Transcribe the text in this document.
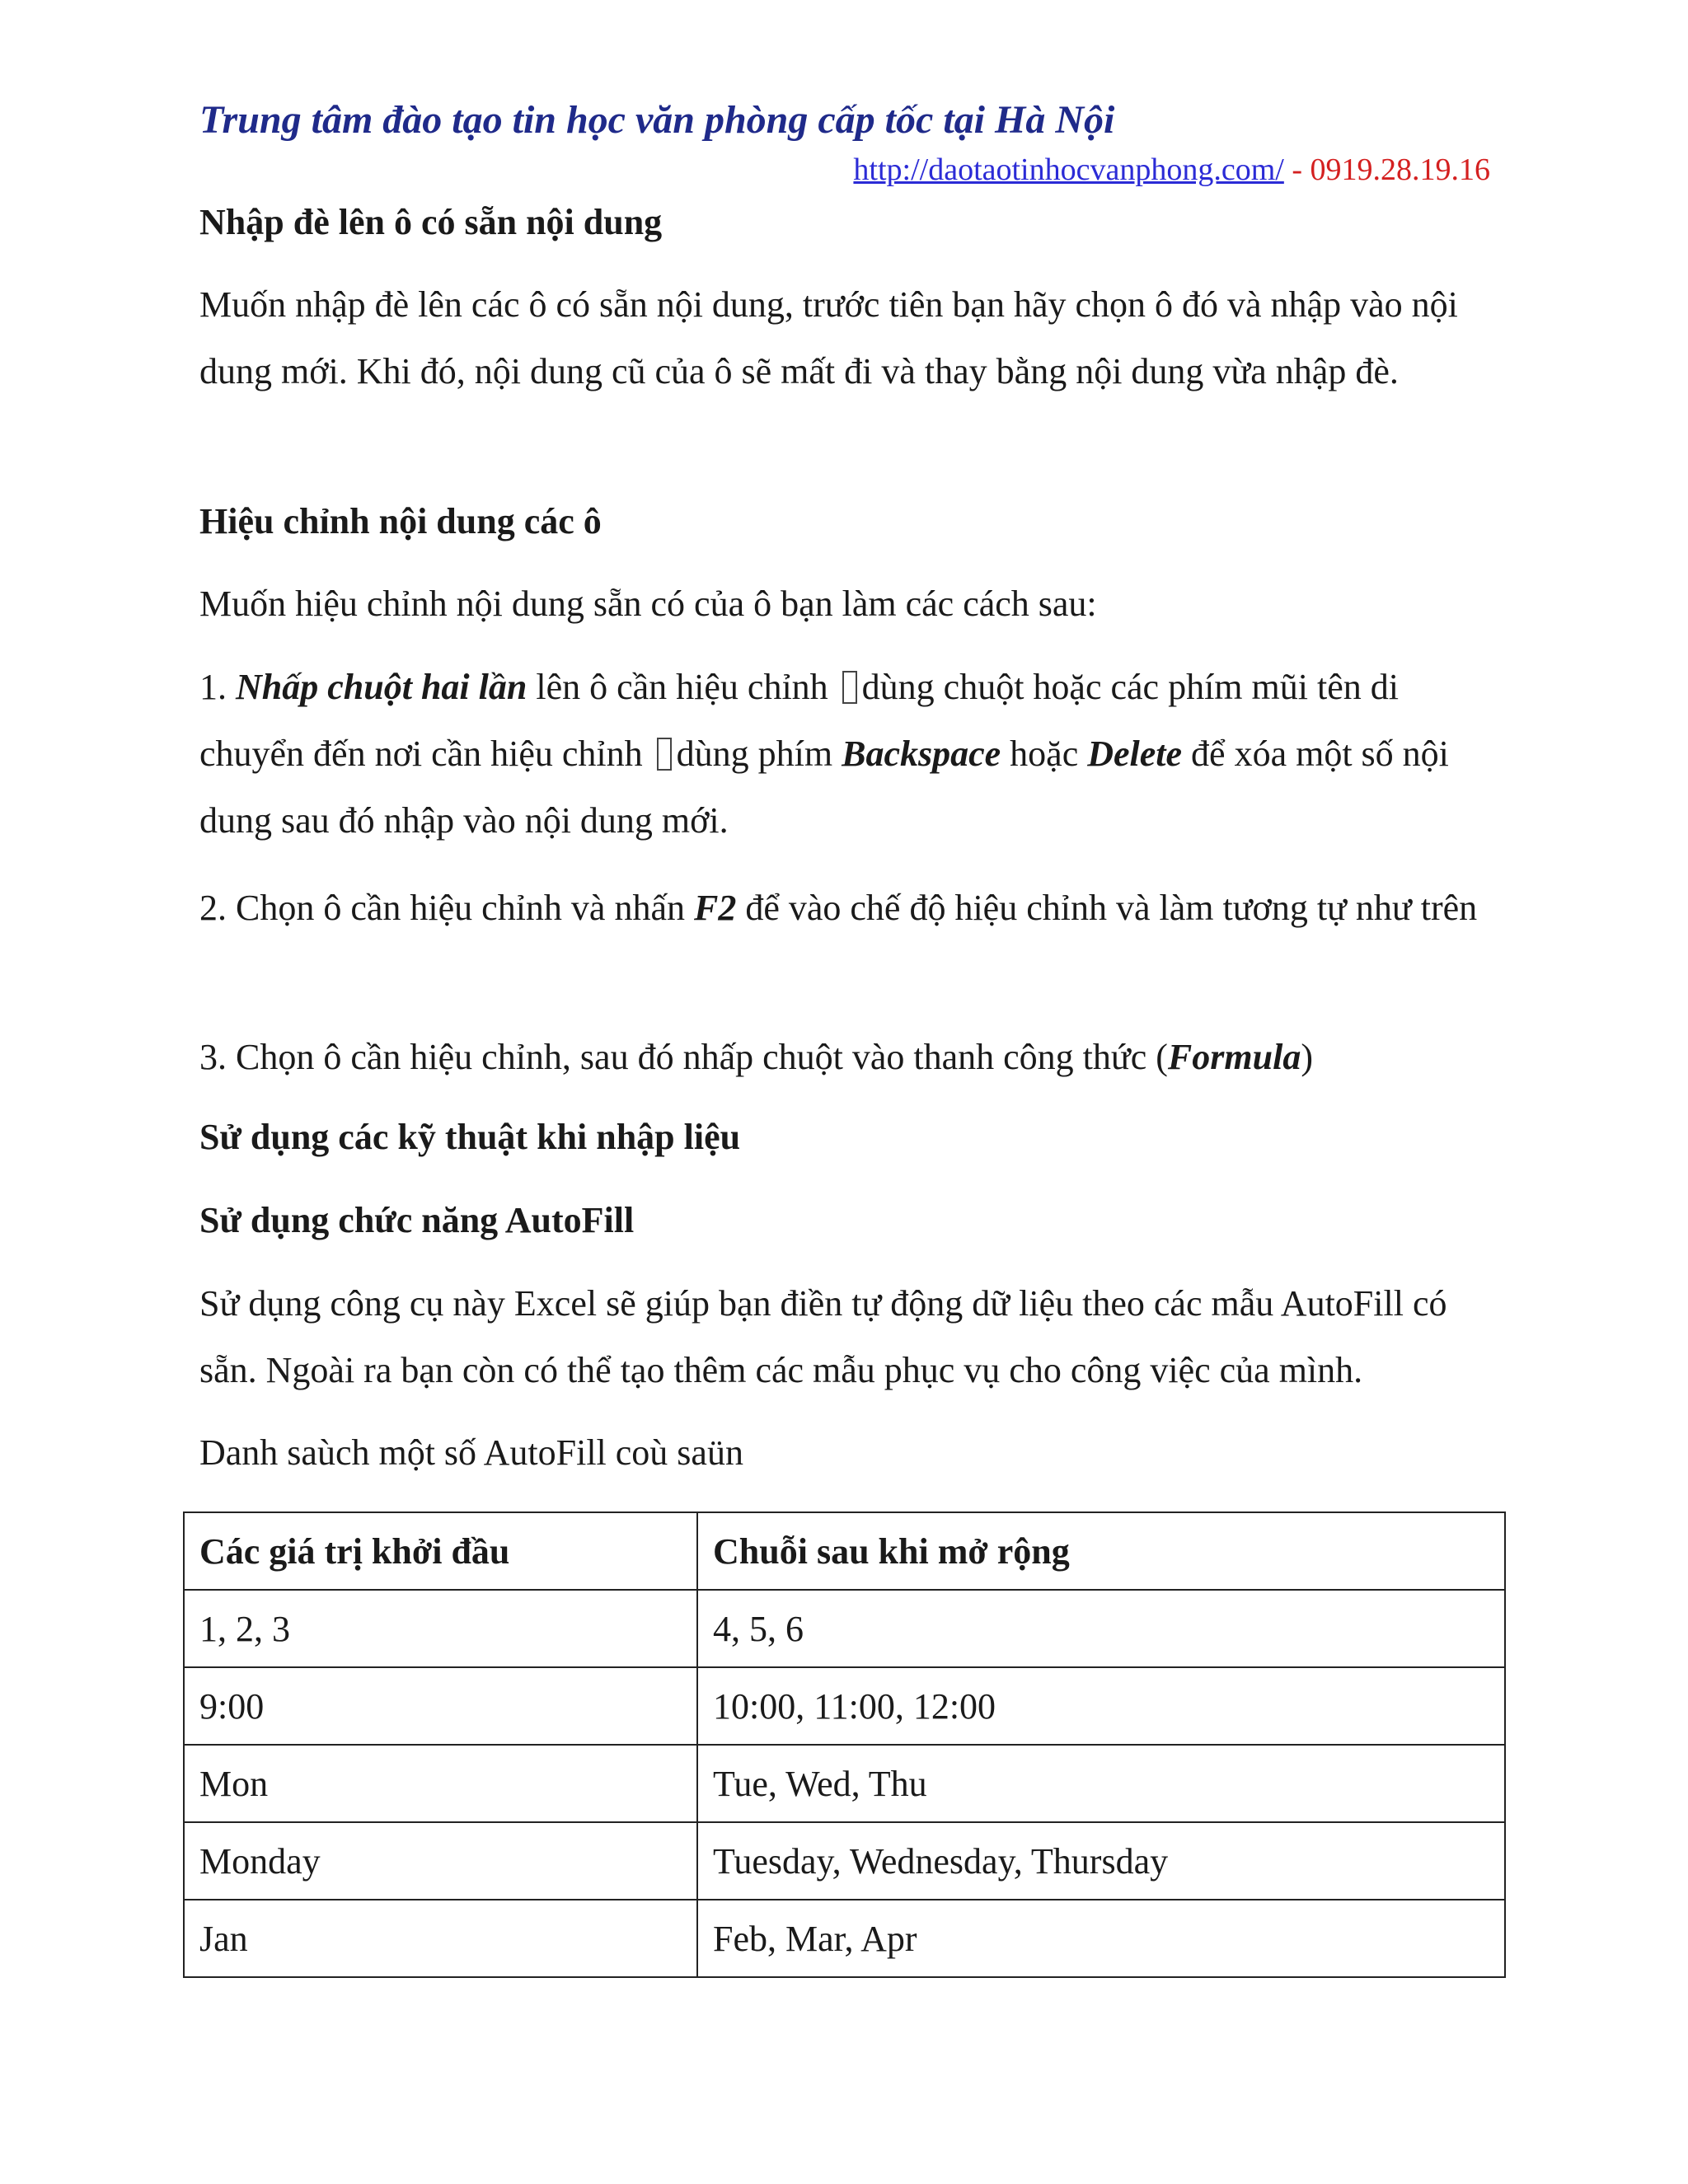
Trung tâm đào tạo tin học văn phòng cấp tốc tại Hà Nội
http://daotaotinhocvanphong.com/ - 0919.28.19.16
Nhập đè lên ô có sẵn nội dung
Muốn nhập đè lên các ô có sẵn nội dung, trước tiên bạn hãy chọn ô đó và nhập vào nội dung mới. Khi đó, nội dung cũ của ô sẽ mất đi và thay bằng nội dung vừa nhập đè.
Hiệu chỉnh nội dung các ô
Muốn hiệu chỉnh nội dung sẵn có của ô bạn làm các cách sau:
1. Nhấp chuột hai lần lên ô cần hiệu chỉnh dùng chuột hoặc các phím mũi tên di chuyển đến nơi cần hiệu chỉnh dùng phím Backspace hoặc Delete để xóa một số nội dung sau đó nhập vào nội dung mới.
2. Chọn ô cần hiệu chỉnh và nhấn F2 để vào chế độ hiệu chỉnh và làm tương tự như trên
3. Chọn ô cần hiệu chỉnh, sau đó nhấp chuột vào thanh công thức (Formula)
Sử dụng các kỹ thuật khi nhập liệu
Sử dụng chức năng AutoFill
Sử dụng công cụ này Excel sẽ giúp bạn điền tự động dữ liệu theo các mẫu AutoFill có sẵn. Ngoài ra bạn còn có thể tạo thêm các mẫu phục vụ cho công việc của mình.
Danh saùch một số AutoFill coù saün
Các giá trị khởi đầu	Chuỗi sau khi mở rộng
1, 2, 3	4, 5, 6
9:00	10:00, 11:00, 12:00
Mon	Tue, Wed, Thu
Monday	Tuesday, Wednesday, Thursday
Jan	Feb, Mar, Apr
